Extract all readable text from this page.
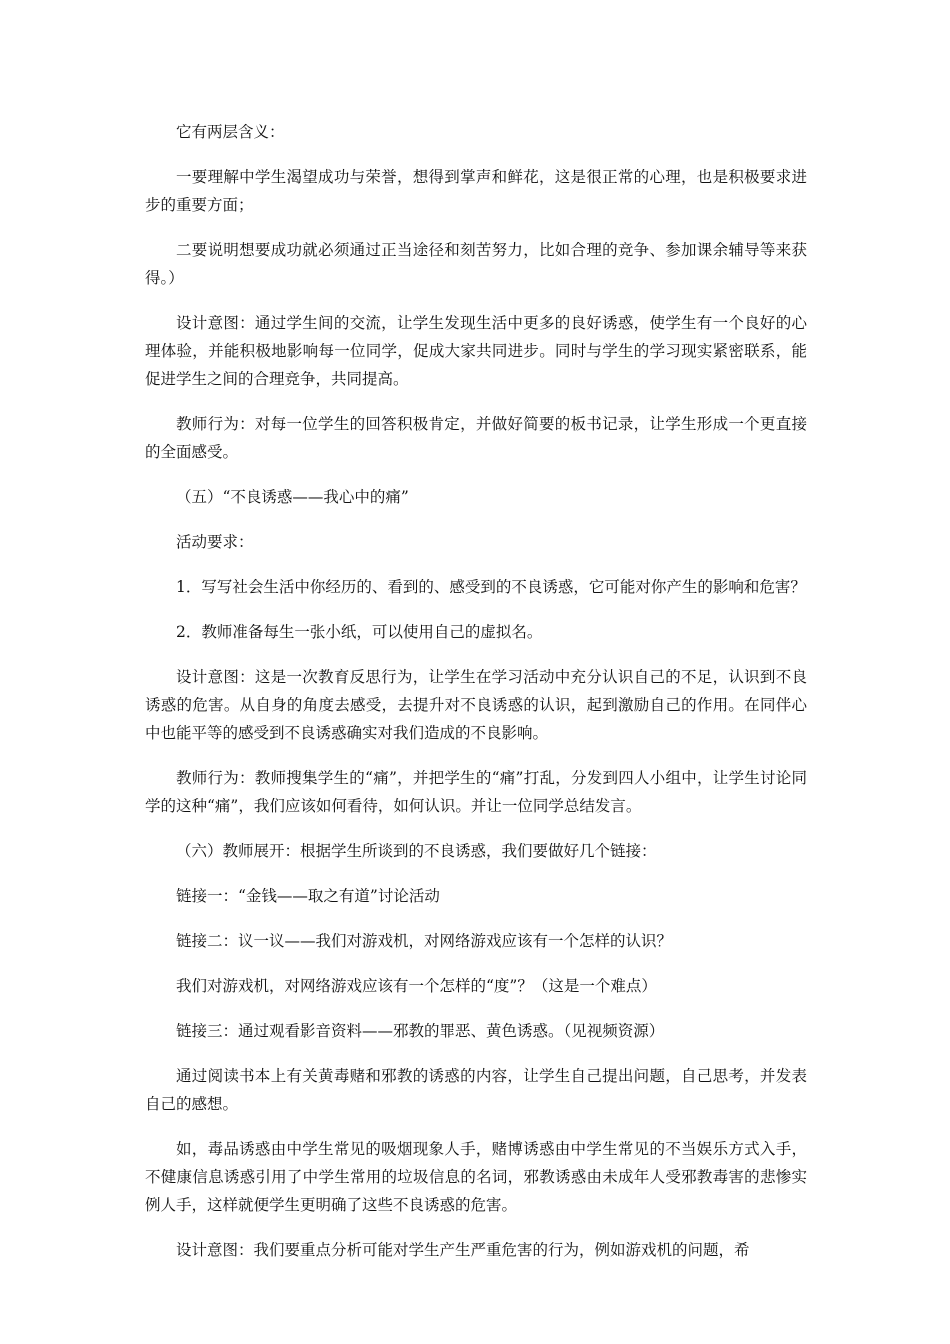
它有两层含义：

一要理解中学生渴望成功与荣誉，想得到掌声和鲜花，这是很正常的心理，也是积极要求进步的重要方面；

二要说明想要成功就必须通过正当途径和刻苦努力，比如合理的竞争、参加课余辅导等来获得。）

设计意图：通过学生间的交流，让学生发现生活中更多的良好诱惑，使学生有一个良好的心理体验，并能积极地影响每一位同学，促成大家共同进步。同时与学生的学习现实紧密联系，能促进学生之间的合理竞争，共同提高。

教师行为：对每一位学生的回答积极肯定，并做好简要的板书记录，让学生形成一个更直接的全面感受。

（五）“不良诱惑——我心中的痛”

活动要求：

1．写写社会生活中你经历的、看到的、感受到的不良诱惑，它可能对你产生的影响和危害？

2．教师准备每生一张小纸，可以使用自己的虚拟名。

设计意图：这是一次教育反思行为，让学生在学习活动中充分认识自己的不足，认识到不良诱惑的危害。从自身的角度去感受，去提升对不良诱惑的认识，起到激励自己的作用。在同伴心中也能平等的感受到不良诱惑确实对我们造成的不良影响。

教师行为：教师搜集学生的“痛”，并把学生的“痛”打乱，分发到四人小组中，让学生讨论同学的这种“痛”，我们应该如何看待，如何认识。并让一位同学总结发言。

（六）教师展开：根据学生所谈到的不良诱惑，我们要做好几个链接：

链接一：“金钱——取之有道”讨论活动

链接二：议一议——我们对游戏机，对网络游戏应该有一个怎样的认识？

我们对游戏机，对网络游戏应该有一个怎样的“度”？（这是一个难点）

链接三：通过观看影音资料——邪教的罪恶、黄色诱惑。（见视频资源）

通过阅读书本上有关黄毒赌和邪教的诱惑的内容，让学生自己提出问题，自己思考，并发表自己的感想。

如，毒品诱惑由中学生常见的吸烟现象人手，赌博诱惑由中学生常见的不当娱乐方式入手，不健康信息诱惑引用了中学生常用的垃圾信息的名词，邪教诱惑由未成年人受邪教毒害的悲惨实例人手，这样就便学生更明确了这些不良诱惑的危害。

设计意图：我们要重点分析可能对学生产生严重危害的行为，例如游戏机的问题，希
